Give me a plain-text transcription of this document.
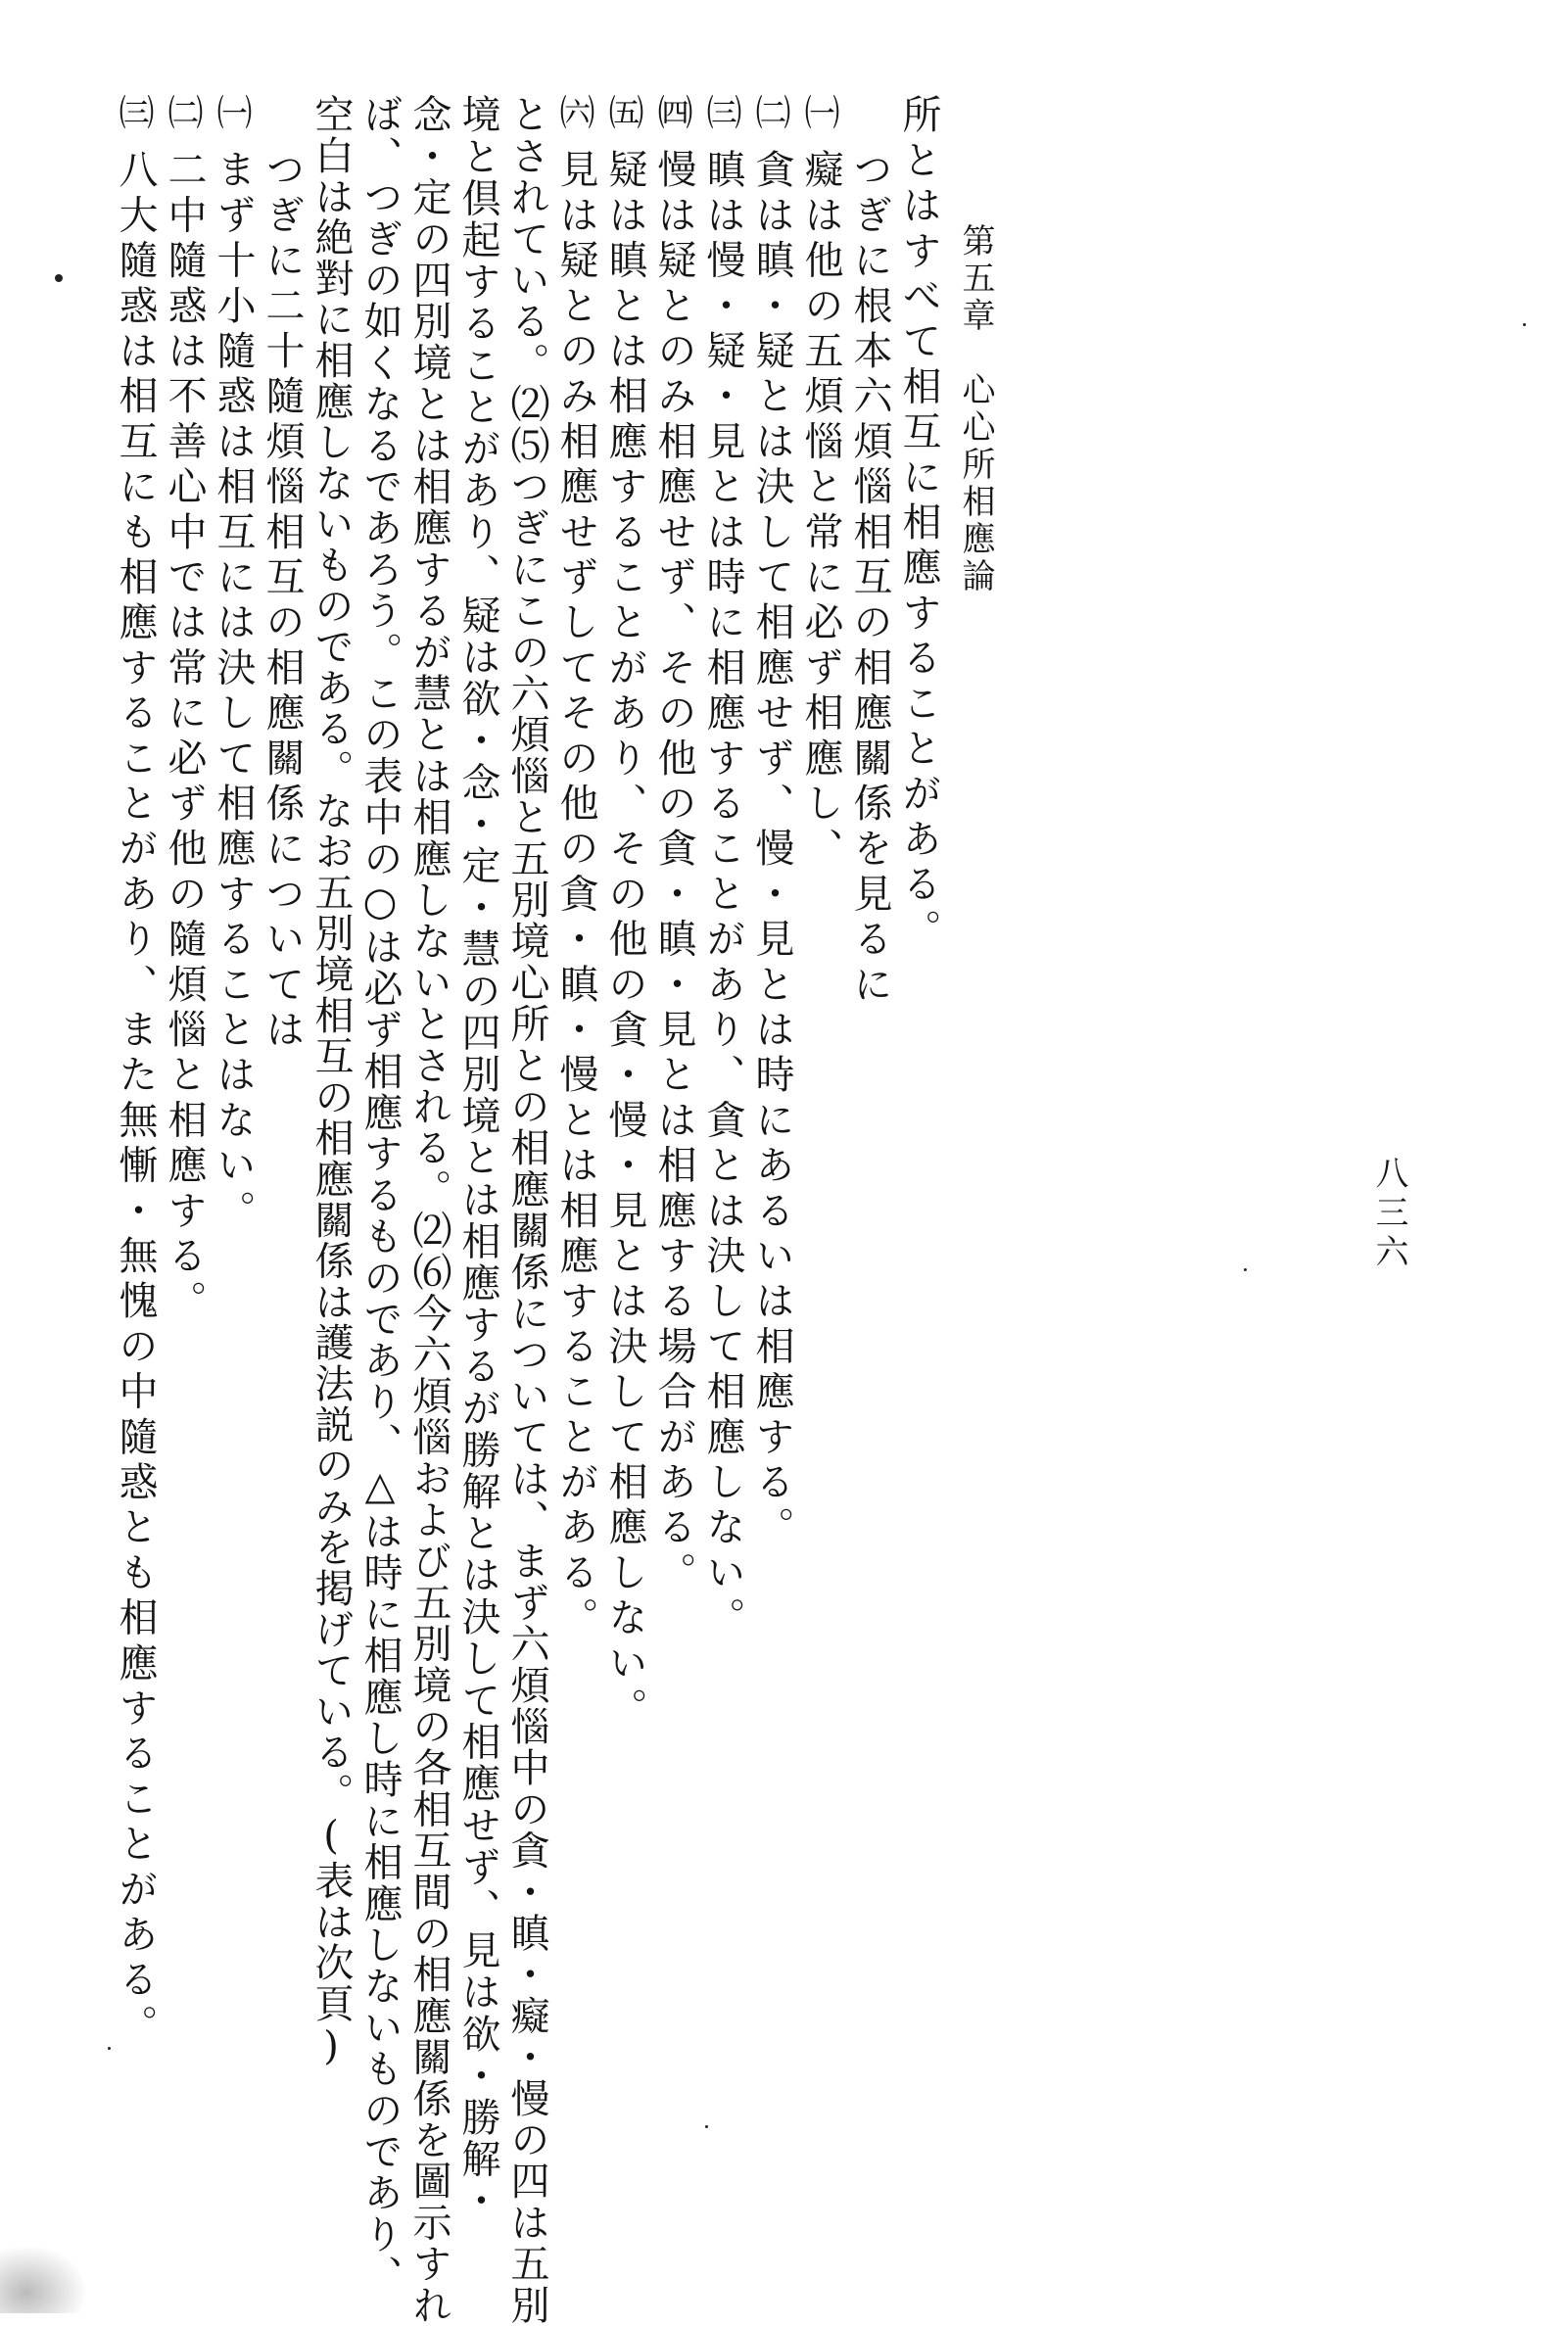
第五章　心心所相應論
八三六
所とはすべて相互に相應することがある。
つぎに根本六煩惱相互の相應關係を見るに
㈠
癡は他の五煩惱と常に必ず相應し、
㈡
貪は瞋・疑とは決して相應せず、慢・見とは時にあるいは相應する。
㈢
瞋は慢・疑・見とは時に相應することがあり、貪とは決して相應しない。
㈣
慢は疑とのみ相應せず、その他の貪・瞋・見とは相應する場合がある。
㈤
疑は瞋とは相應することがあり、その他の貪・慢・見とは決して相應しない。
㈥
見は疑とのみ相應せずしてその他の貪・瞋・慢とは相應することがある。
とされている。⑵⑸つぎにこの六煩惱と五別境心所との相應關係については、まず六煩惱中の貪・瞋・癡・慢の四は五別
境と倶起することがあり、疑は欲・念・定・慧の四別境とは相應するが勝解とは決して相應せず、見は欲・勝解・
念・定の四別境とは相應するが慧とは相應しないとされる。⑵⑹今六煩惱および五別境の各相互間の相應關係を圖示すれ
ば、つぎの如くなるであろう。この表中の○は必ず相應するものであり、△は時に相應し時に相應しないものであり、
空白は絶對に相應しないものである。なお五別境相互の相應關係は護法説のみを掲げている。(表は次頁)
つぎに二十隨煩惱相互の相應關係については
㈠
まず十小隨惑は相互には決して相應することはない。
㈡
二中隨惑は不善心中では常に必ず他の隨煩惱と相應する。
㈢
八大隨惑は相互にも相應することがあり、また無慚・無愧の中隨惑とも相應することがある。
